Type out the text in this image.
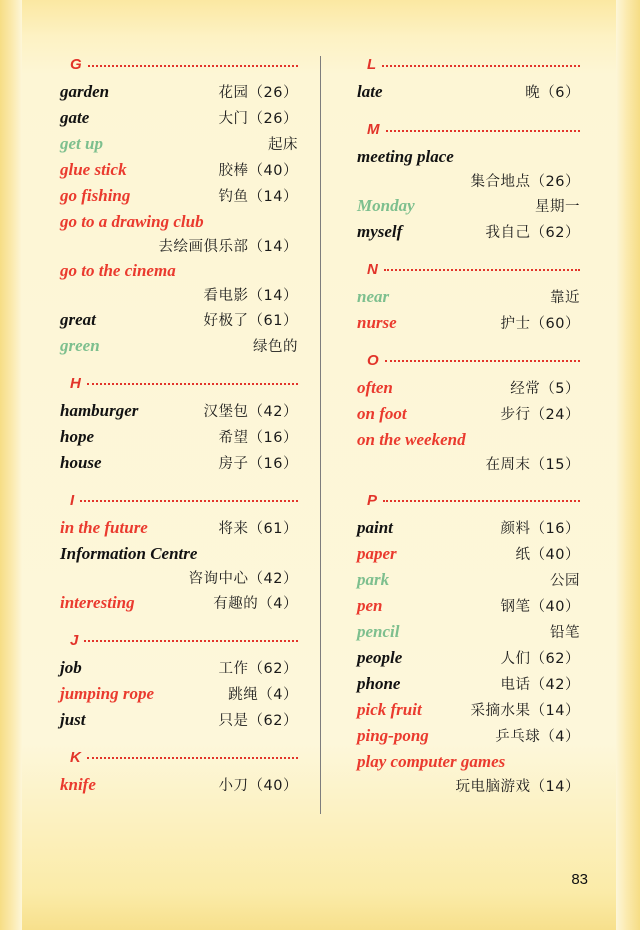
G
garden	花园（26）
gate	大门（26）
get up	起床
glue stick	胶棒（40）
go fishing	钓鱼（14）
go to a drawing club
去绘画俱乐部（14）
go to the cinema
看电影（14）
great	好极了（61）
green	绿色的
H
hamburger	汉堡包（42）
hope	希望（16）
house	房子（16）
I
in the future	将来（61）
Information Centre
咨询中心（42）
interesting	有趣的（4）
J
job	工作（62）
jumping rope	跳绳（4）
just	只是（62）
K
knife	小刀（40）
L
late	晚（6）
M
meeting place
集合地点（26）
Monday	星期一
myself	我自己（62）
N
near	靠近
nurse	护士（60）
O
often	经常（5）
on foot	步行（24）
on the weekend
在周末（15）
P
paint	颜料（16）
paper	纸（40）
park	公园
pen	钢笔（40）
pencil	铅笔
people	人们（62）
phone	电话（42）
pick fruit	采摘水果（14）
ping-pong	乒乓球（4）
play computer games
玩电脑游戏（14）
83
